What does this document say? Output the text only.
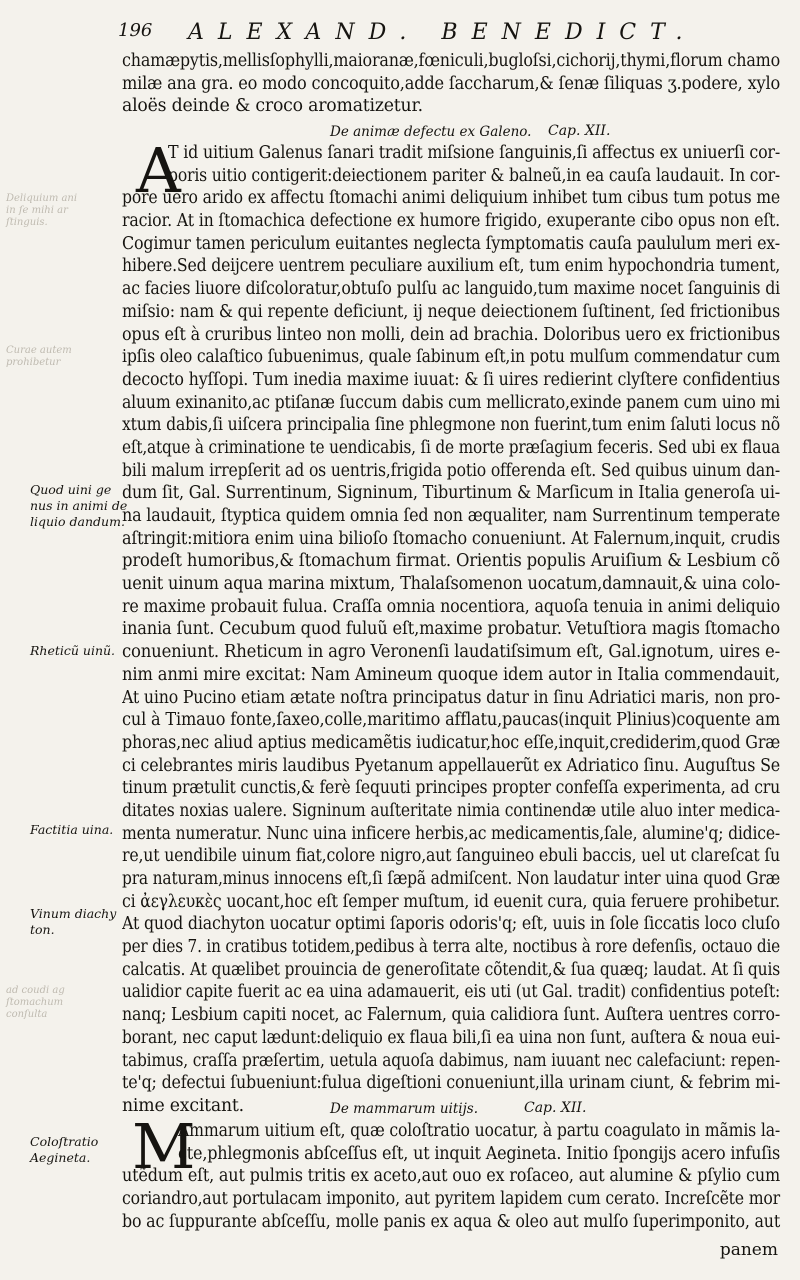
196 ALEXAND. BENEDICT.
chamæpytis,mellisſophylli,maioranæ,fœniculi,bugloſsi,cichorij,thymi,florum chamo
milæ ana gra. eo modo concoquito,adde ſaccharum,& ſenæ ſiliquas ʒ.podere, xylo
aloës deinde & croco aromatizetur.
De animæ defectu ex Galeno. Cap. XII.
A
T id uitium Galenus ſanari tradit miſsione ſanguinis,ſi affectus ex uniuerſi cor-
poris uitio contigerit:deiectionem pariter & balneũ,in ea cauſa laudauit. In cor-
pore uero arido ex affectu ſtomachi animi deliquium inhibet tum cibus tum potus me
racior. At in ſtomachica defectione ex humore frigido, exuperante cibo opus non eſt.
Cogimur tamen periculum euitantes neglecta ſymptomatis cauſa paululum meri ex-
hibere.Sed deijcere uentrem peculiare auxilium eſt, tum enim hypochondria tument,
ac facies liuore diſcoloratur,obtuſo pulſu ac languido,tum maxime nocet ſanguinis di
miſsio: nam & qui repente deficiunt, ij neque deiectionem ſuſtinent, ſed frictionibus
opus eſt à cruribus linteo non molli, dein ad brachia. Doloribus uero ex frictionibus
ipſis oleo calaſtico ſubuenimus, quale ſabinum eſt,in potu mulſum commendatur cum
decocto hyſſopi. Tum inedia maxime iuuat: & ſi uires redierint clyſtere confidentius
aluum exinanito,ac ptiſanæ ſuccum dabis cum mellicrato,exinde panem cum uino mi
xtum dabis,ſi uiſcera principalia ſine phlegmone non fuerint,tum enim ſaluti locus nõ
eſt,atque à criminatione te uendicabis, ſi de morte præſagium feceris. Sed ubi ex flaua
bili malum irrepſerit ad os uentris,frigida potio offerenda eſt. Sed quibus uinum dan-
dum ſit, Gal. Surrentinum, Signinum, Tiburtinum & Marſicum in Italia generoſa ui-
na laudauit, ſtyptica quidem omnia ſed non æqualiter, nam Surrentinum temperate
aſtringit:mitiora enim uina bilioſo ſtomacho conueniunt. At Falernum,inquit, crudis
prodeſt humoribus,& ſtomachum firmat. Orientis populis Aruiſium & Lesbium cõ
uenit uinum aqua marina mixtum, Thalaſsomenon uocatum,damnauit,& uina colo-
re maxime probauit fulua. Craſſa omnia nocentiora, aquoſa tenuia in animi deliquio
inania ſunt. Cecubum quod fuluũ eſt,maxime probatur. Vetuſtiora magis ſtomacho
conueniunt. Rheticum in agro Veronenſi laudatiſsimum eſt, Gal.ignotum, uires e-
nim anmi mire excitat: Nam Amineum quoque idem autor in Italia commendauit,
At uino Pucino etiam ætate noſtra principatus datur in ſinu Adriatici maris, non pro-
cul à Timauo fonte,ſaxeo,colle,maritimo afflatu,paucas(inquit Plinius)coquente am
phoras,nec aliud aptius medicamẽtis iudicatur,hoc eſſe,inquit,crediderim,quod Græ
ci celebrantes miris laudibus Pyetanum appellauerũt ex Adriatico ſinu. Auguſtus Se
tinum prætulit cunctis,& ferè ſequuti principes propter confeſſa experimenta, ad cru
ditates noxias ualere. Signinum auſteritate nimia continendæ utile aluo inter medica-
menta numeratur. Nunc uina inficere herbis,ac medicamentis,ſale, alumine'q; didice-
re,ut uendibile uinum fiat,colore nigro,aut ſanguineo ebuli baccis, uel ut clareſcat ſu
pra naturam,minus innocens eſt,ſi ſæpã admiſcent. Non laudatur inter uina quod Græ
ci ἀεγλευκὲς uocant,hoc eſt ſemper muſtum, id euenit cura, quia feruere prohibetur.
At quod diachyton uocatur optimi ſaporis odoris'q; eſt, uuis in ſole ſiccatis loco cluſo
per dies 7. in cratibus totidem,pedibus à terra alte, noctibus à rore defenſis, octauo die
calcatis. At quælibet prouincia de generoſitate cõtendit,& ſua quæq; laudat. At ſi quis
ualidior capite fuerit ac ea uina adamauerit, eis uti (ut Gal. tradit) confidentius poteſt:
nanq; Lesbium capiti nocet, ac Falernum, quia calidiora ſunt. Auſtera uentres corro-
borant, nec caput lædunt:deliquio ex flaua bili,ſi ea uina non ſunt, auſtera & noua eui-
tabimus, craſſa præſertim, uetula aquoſa dabimus, nam iuuant nec calefaciunt: repen-
te'q; defectui ſubueniunt:fulua digeſtioni conueniunt,illa urinam ciunt, & febrim mi-
nime excitant.	De mammarum uitijs.	Cap. XII.
M
Ammarum uitium eſt, quæ coloſtratio uocatur, à partu coagulato in mãmis la-
cte,phlegmonis abſceſſus eſt, ut inquit Aegineta. Initio ſpongijs acero infuſis
utẽdum eſt, aut pulmis tritis ex aceto,aut ouo ex roſaceo, aut alumine & pſylio cum
coriandro,aut portulacam imponito, aut pyritem lapidem cum cerato. Increſcẽte mor
bo ac ſuppurante abſceſſu, molle panis ex aqua & oleo aut mulſo ſuperimponito, aut
panem
Quod uini ge
nus in animi de
liquio dandum.
Rheticũ uinũ.
Factitia uina.
Vinum diachy
ton.
Coloſtratio
Aegineta.
Deliquium ani
in ſe mihi ar
ſtinguis.
Curae autem
prohibetur
ad coudi ag
ſtomachum
conſulta
